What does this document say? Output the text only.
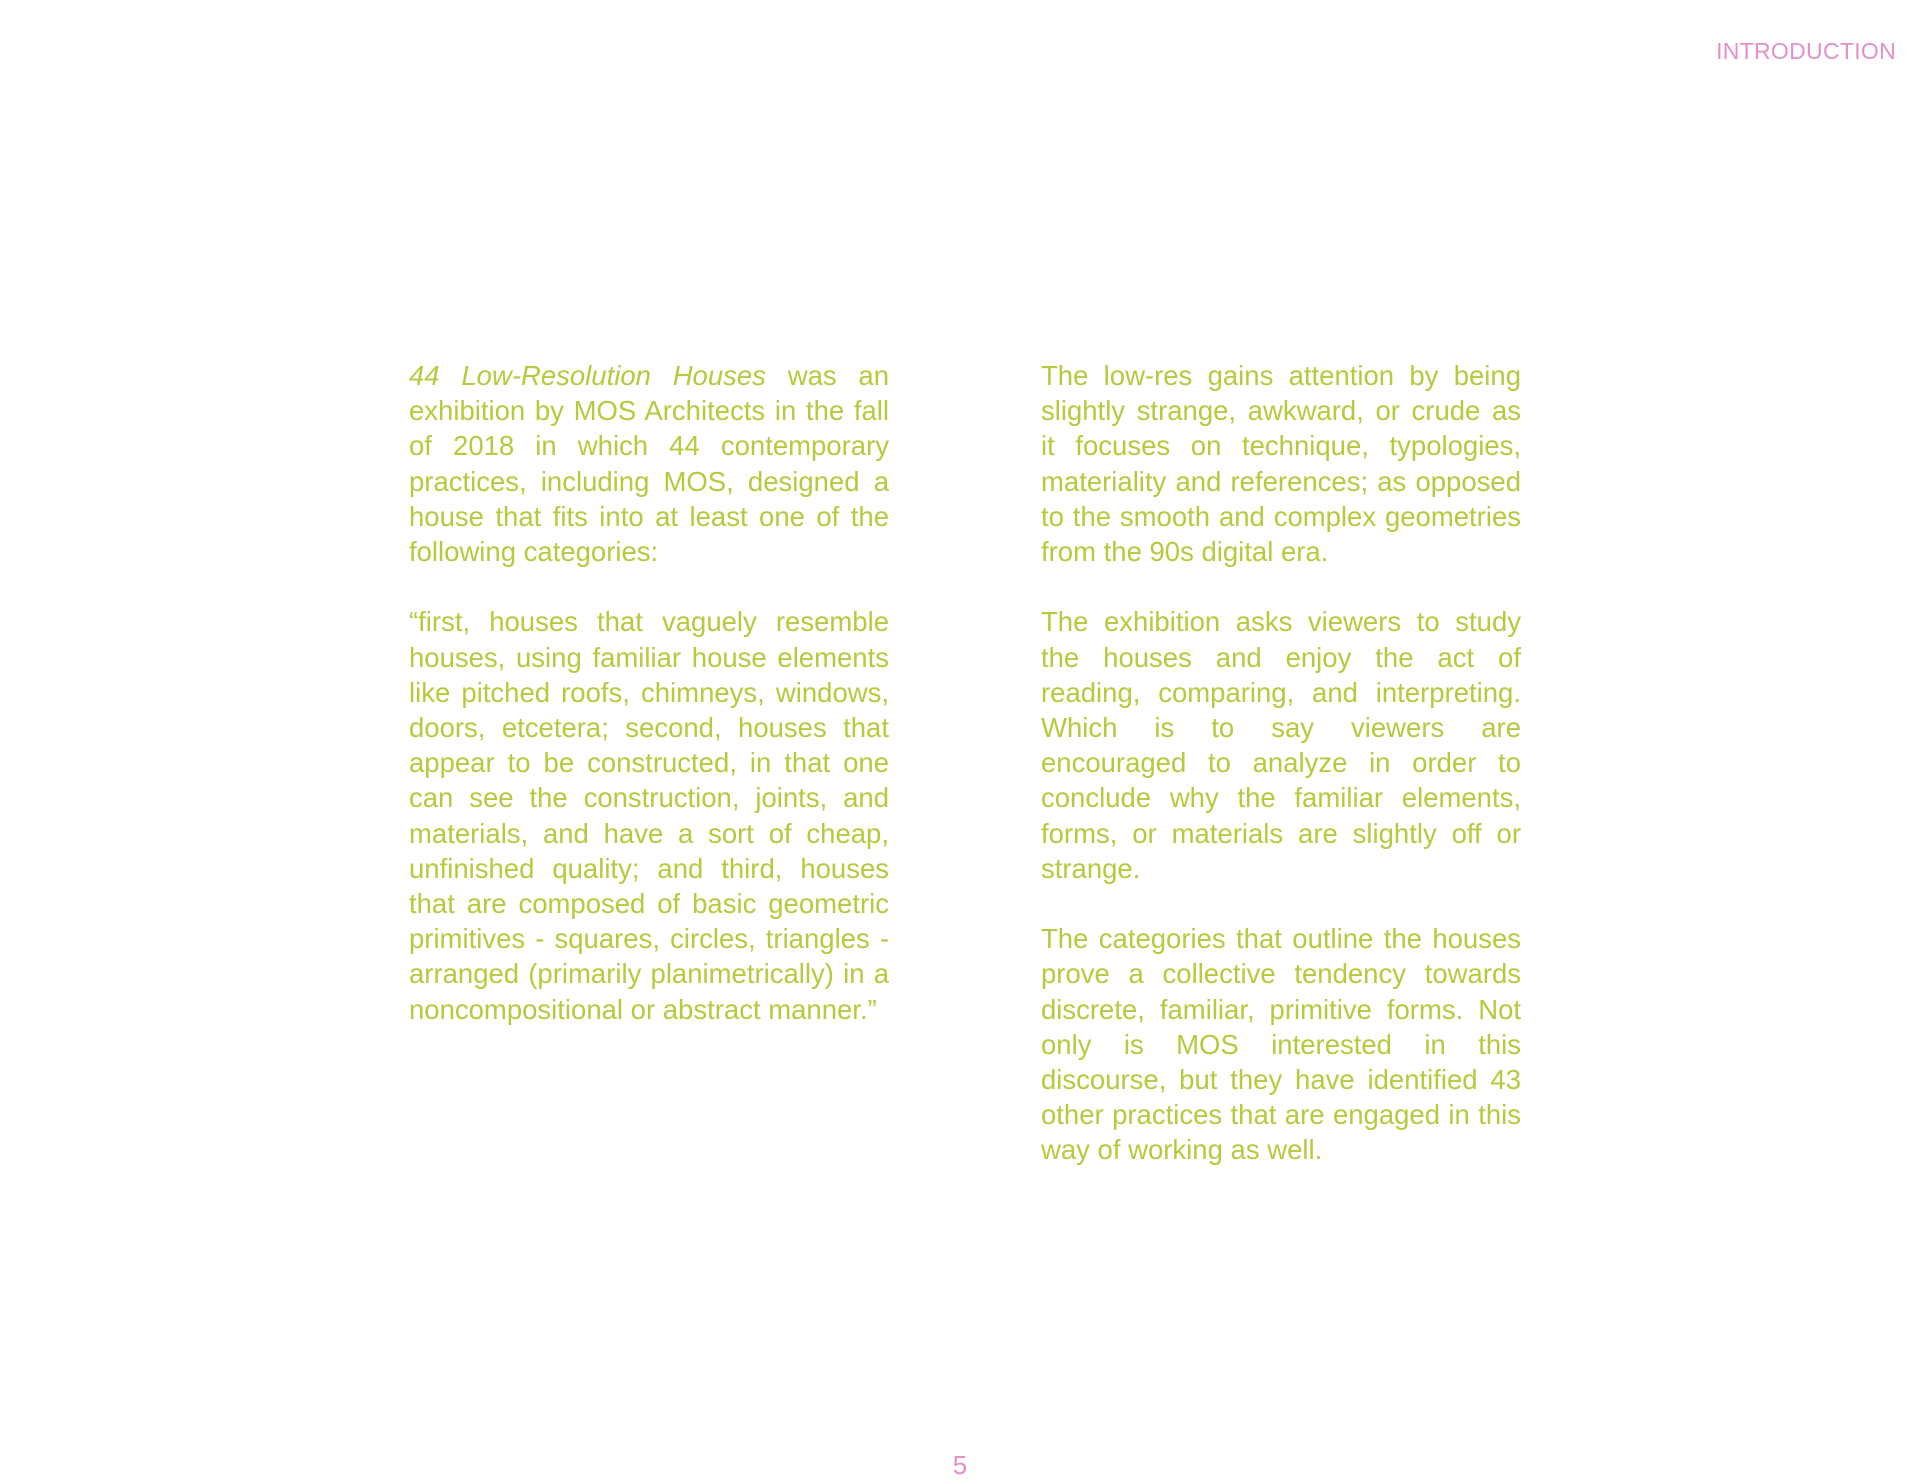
INTRODUCTION

44 Low-Resolution Houses was an exhibition by MOS Architects in the fall of 2018 in which 44 contemporary practices, including MOS, designed a house that fits into at least one of the following categories:

“first, houses that vaguely resemble houses, using familiar house elements like pitched roofs, chimneys, windows, doors, etcetera; second, houses that appear to be constructed, in that one can see the construction, joints, and materials, and have a sort of cheap, unfinished quality; and third, houses that are composed of basic geometric primitives - squares, circles, triangles - arranged (primarily planimetrically) in a noncompositional or abstract manner.”

The low-res gains attention by being slightly strange, awkward, or crude as it focuses on technique, typologies, materiality and references; as opposed to the smooth and complex geometries from the 90s digital era.

The exhibition asks viewers to study the houses and enjoy the act of reading, comparing, and interpreting. Which is to say viewers are encouraged to analyze in order to conclude why the familiar elements, forms, or materials are slightly off or strange.

The categories that outline the houses prove a collective tendency towards discrete, familiar, primitive forms. Not only is MOS interested in this discourse, but they have identified 43 other practices that are engaged in this way of working as well.

5
